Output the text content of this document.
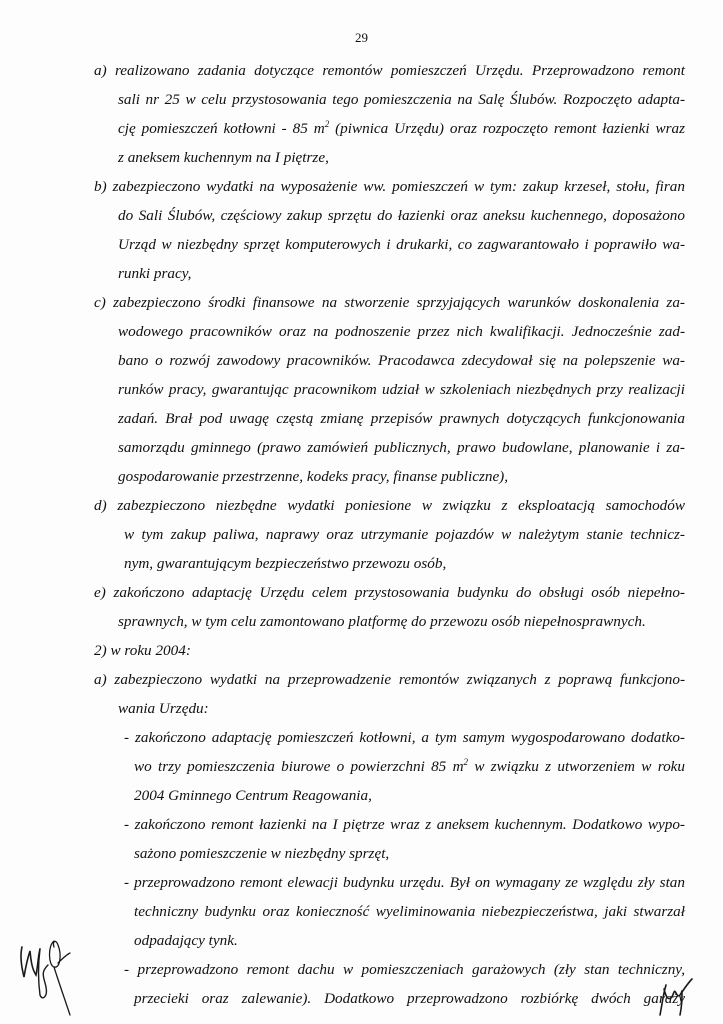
29
a) realizowano zadania dotyczące remontów pomieszczeń Urzędu. Przeprowadzono remont
sali nr 25 w celu przystosowania tego pomieszczenia na Salę Ślubów. Rozpoczęto adapta-
cję pomieszczeń kotłowni - 85 $m^2$ (piwnica Urzędu) oraz rozpoczęto remont łazienki wraz
z aneksem kuchennym na I piętrze,
b) zabezpieczono wydatki na wyposażenie ww. pomieszczeń w tym: zakup krzeseł, stołu, firan
do Sali Ślubów, częściowy zakup sprzętu do łazienki oraz aneksu kuchennego, doposażono
Urząd w niezbędny sprzęt komputerowych i drukarki, co zagwarantowało i poprawiło wa-
runki pracy,
c) zabezpieczono środki finansowe na stworzenie sprzyjających warunków doskonalenia za-
wodowego pracowników oraz na podnoszenie przez nich kwalifikacji. Jednocześnie zad-
bano o rozwój zawodowy pracowników. Pracodawca zdecydował się na polepszenie wa-
runków pracy, gwarantując pracownikom udział w szkoleniach niezbędnych przy realizacji
zadań. Brał pod uwagę częstą zmianę przepisów prawnych dotyczących funkcjonowania
samorządu gminnego (prawo zamówień publicznych, prawo budowlane, planowanie i za-
gospodarowanie przestrzenne, kodeks pracy, finanse publiczne),
d) zabezpieczono niezbędne wydatki poniesione w związku z eksploatacją samochodów
w tym zakup paliwa, naprawy oraz utrzymanie pojazdów w należytym stanie technicz-
nym, gwarantującym bezpieczeństwo przewozu osób,
e) zakończono adaptację Urzędu celem przystosowania budynku do obsługi osób niepełno-
sprawnych, w tym celu zamontowano platformę do przewozu osób niepełnosprawnych.
2) w roku 2004:
a) zabezpieczono wydatki na przeprowadzenie remontów związanych z poprawą funkcjono-
wania Urzędu:
- zakończono adaptację pomieszczeń kotłowni, a tym samym wygospodarowano dodatko-
wo trzy pomieszczenia biurowe o powierzchni 85 $m^2$ w związku z utworzeniem w roku
2004 Gminnego Centrum Reagowania,
- zakończono remont łazienki na I piętrze wraz z aneksem kuchennym. Dodatkowo wypo-
sażono pomieszczenie w niezbędny sprzęt,
- przeprowadzono remont elewacji budynku urzędu. Był on wymagany ze względu zły stan
techniczny budynku oraz konieczność wyeliminowania niebezpieczeństwa, jaki stwarzał
odpadający tynk.
- przeprowadzono remont dachu w pomieszczeniach garażowych (zły stan techniczny,
przecieki oraz zalewanie). Dodatkowo przeprowadzono rozbiórkę dwóch garaży
